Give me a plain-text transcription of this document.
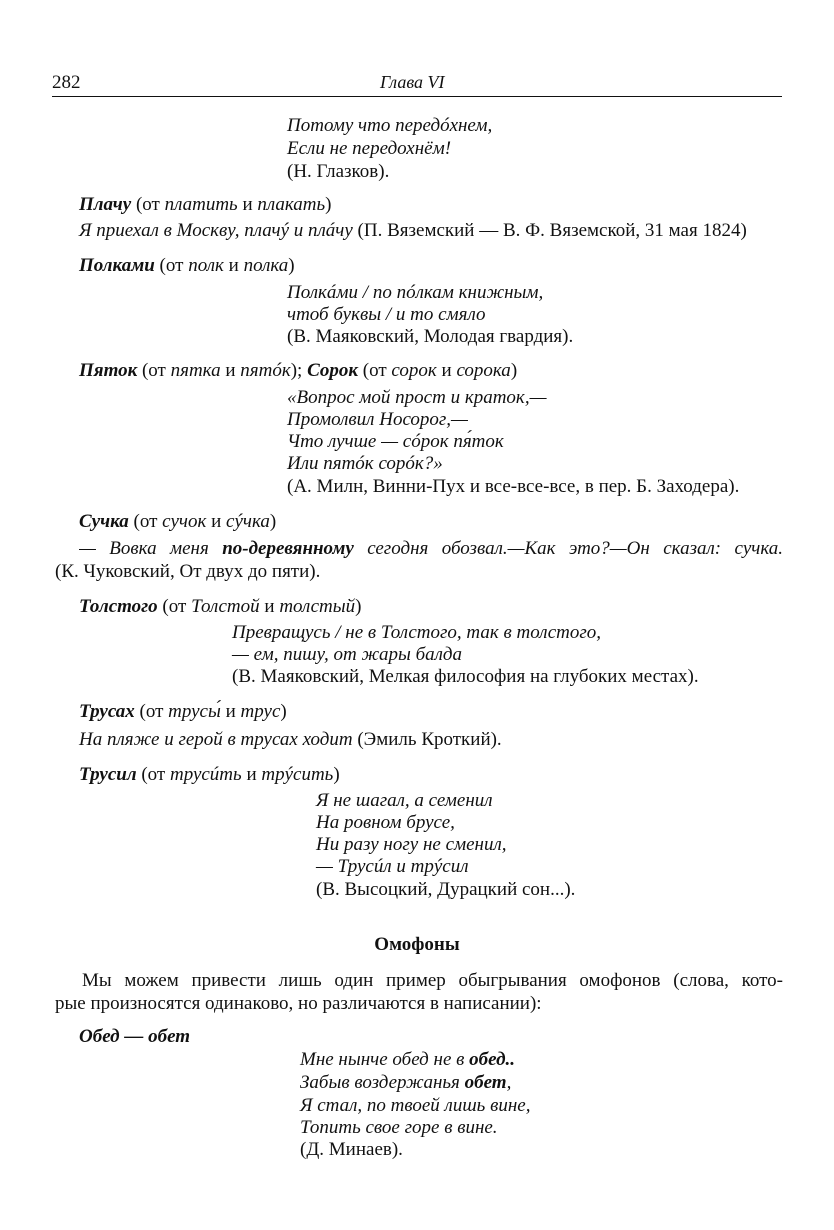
282	Глава VI
Потому что передóхнем,
Если не передохнём!
(Н. Глазков).
Плачу (от платить и плакать)
Я приехал в Москву, плачý и плáчу (П. Вяземский — В. Ф. Вяземской, 31 мая 1824)
Полками (от полк и полка)
Полкáми / по пóлкам книжным,
чтоб буквы / и то смяло
(В. Маяковский, Молодая гвардия).
Пяток (от пятка и пятóк); Сорок (от сорок и сорока)
«Вопрос мой прост и краток,—
Промолвил Носорог,—
Что лучше — сóрок пя́ток
Или пятóк сорóк?»
(А. Милн, Винни-Пух и все-все-все, в пер. Б. Заходера).
Сучка (от сучок и сýчка)
— Вовка меня по-деревянному сегодня обозвал.—Как это?—Он сказал: сучка.
(К. Чуковский, От двух до пяти).
Толстого (от Толстой и толстый)
Превращусь / не в Толстого, так в толстого,
— ем, пишу, от жары балда
(В. Маяковский, Мелкая философия на глубоких местах).
Трусах (от трусы́ и трус)
На пляже и герой в трусах ходит (Эмиль Кроткий).
Трусил (от трусúть и трýсить)
Я не шагал, а семенил
На ровном брусе,
Ни разу ногу не сменил,
— Трусúл и трýсил
(В. Высоцкий, Дурацкий сон...).
Омофоны
Мы можем привести лишь один пример обыгрывания омофонов (слова, кото-
рые произносятся одинаково, но различаются в написании):
Обед — обет
Мне нынче обед не в обед..
Забыв воздержанья обет,
Я стал, по твоей лишь вине,
Топить свое горе в вине.
(Д. Минаев).
